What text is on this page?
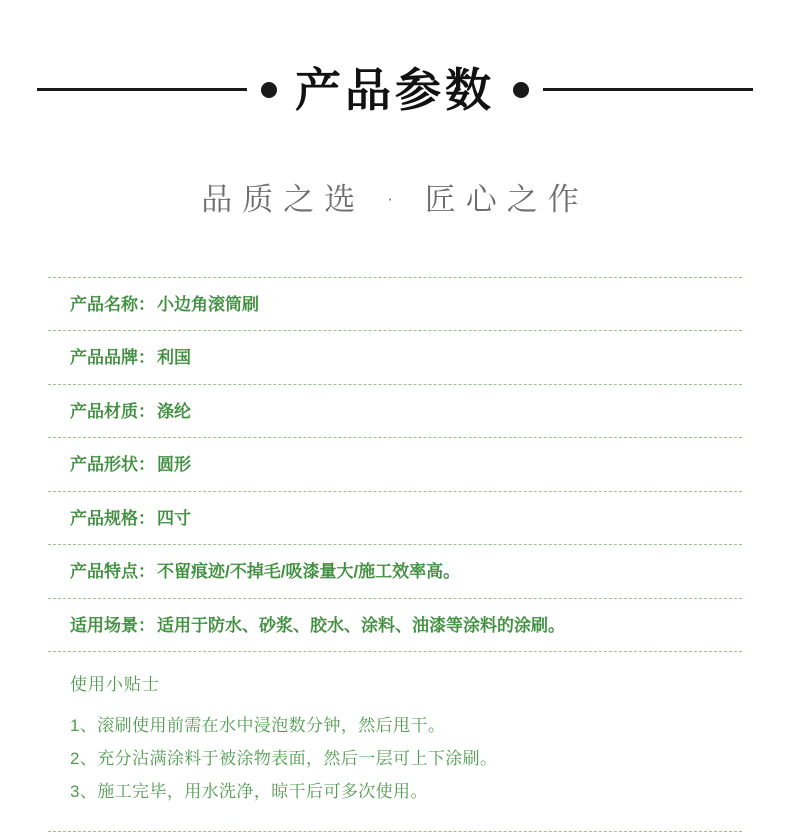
产品参数
品质之选 · 匠心之作
产品名称： 小边角滚筒刷
产品品牌： 利国
产品材质： 涤纶
产品形状： 圆形
产品规格： 四寸
产品特点： 不留痕迹/不掉毛/吸漆量大/施工效率高。
适用场景： 适用于防水、砂浆、胶水、涂料、油漆等涂料的涂刷。
使用小贴士
1、滚刷使用前需在水中浸泡数分钟，然后甩干。
2、充分沾满涂料于被涂物表面，然后一层可上下涂刷。
3、施工完毕，用水洗净，晾干后可多次使用。
